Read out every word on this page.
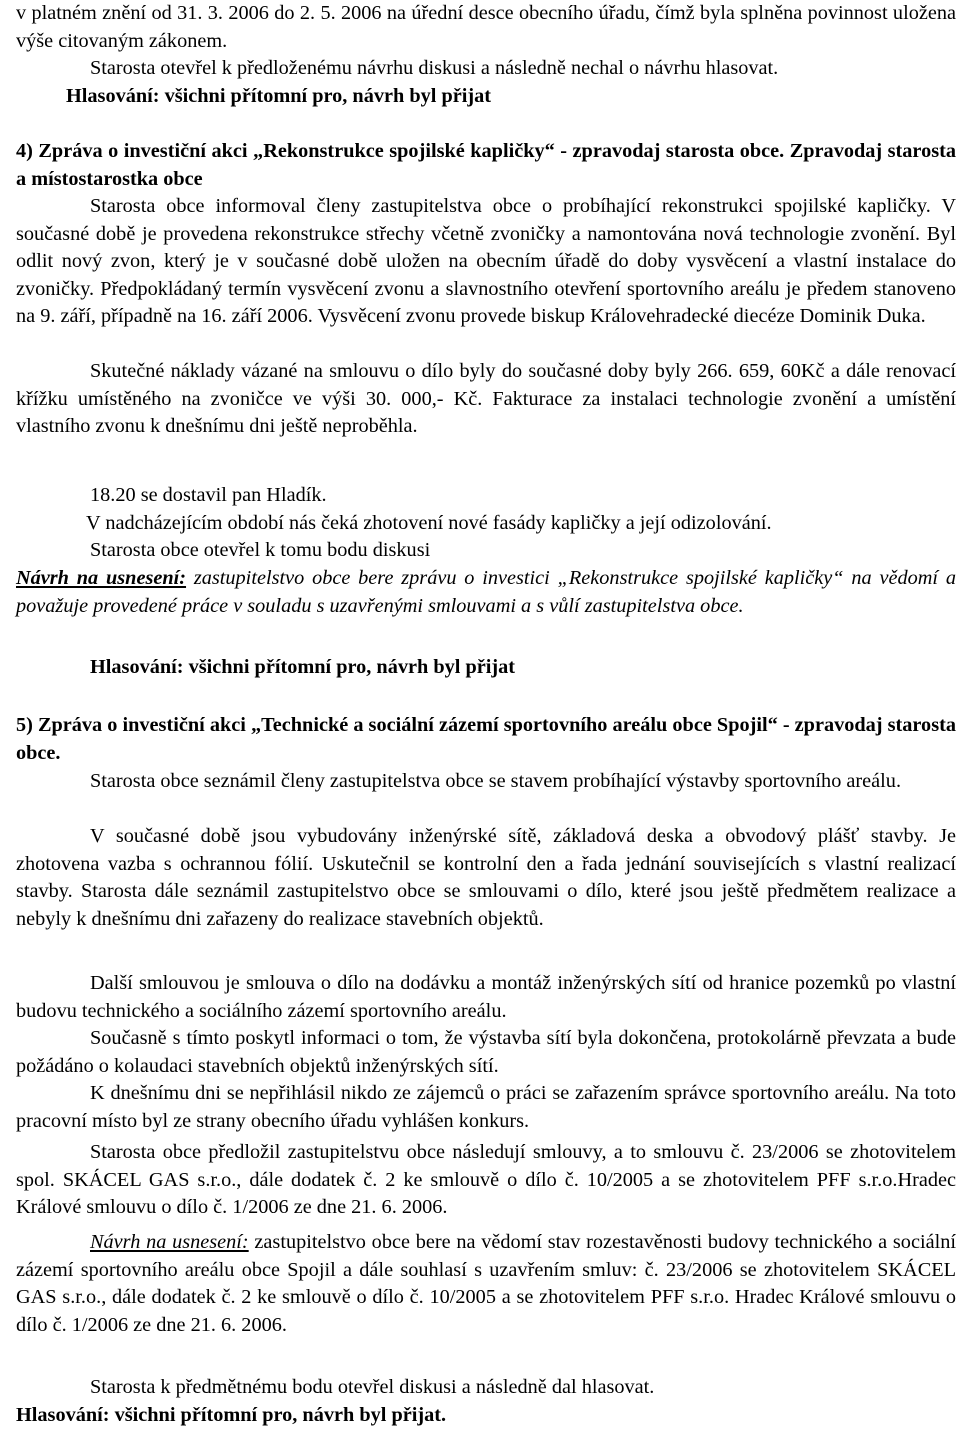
v platném znění od 31. 3. 2006 do 2. 5. 2006 na úřední desce obecního úřadu, čímž byla splněna povinnost uložena výše citovaným zákonem.

Starosta otevřel k předloženému návrhu diskusi a následně nechal o návrhu hlasovat.

Hlasování: všichni přítomní pro, návrh byl přijat

4) Zpráva o investiční akci „Rekonstrukce spojilské kapličky“ - zpravodaj starosta obce. Zpravodaj starosta a místostarostka obce

Starosta obce informoval členy zastupitelstva obce o probíhající rekonstrukci spojilské kapličky. V současné době je provedena rekonstrukce střechy včetně zvoničky a namontována nová technologie zvonění. Byl odlit nový zvon, který je v současné době uložen na obecním úřadě do doby vysvěcení a vlastní instalace do zvoničky. Předpokládaný termín vysvěcení zvonu a slavnostního otevření sportovního areálu je předem stanoveno na 9. září, případně na 16. září 2006. Vysvěcení zvonu provede biskup Královehradecké diecéze Dominik Duka.

Skutečné náklady vázané na smlouvu o dílo byly do současné doby byly 266. 659, 60Kč a dále renovací křížku umístěného na zvoničce ve výši 30. 000,- Kč. Fakturace za instalaci technologie zvonění a umístění vlastního zvonu k dnešnímu dni ještě neproběhla.

18.20 se dostavil pan Hladík.

V nadcházejícím období nás čeká zhotovení nové fasády kapličky a její odizolování.

Starosta obce otevřel k tomu bodu diskusi

Návrh na usnesení: zastupitelstvo obce bere zprávu o investici „Rekonstrukce spojilské kapličky“ na vědomí a považuje provedené práce v souladu s uzavřenými smlouvami a s vůlí zastupitelstva obce.

Hlasování: všichni přítomní pro, návrh byl přijat

5) Zpráva o investiční akci „Technické a sociální zázemí sportovního areálu obce Spojil“ - zpravodaj starosta obce.

Starosta obce seznámil členy zastupitelstva obce se stavem probíhající výstavby sportovního areálu.

V současné době jsou vybudovány inženýrské sítě, základová deska a obvodový plášť stavby. Je zhotovena vazba s ochrannou fólií. Uskutečnil se kontrolní den a řada jednání souvisejících s vlastní realizací stavby. Starosta dále seznámil zastupitelstvo obce se smlouvami o dílo, které jsou ještě předmětem realizace a nebyly k dnešnímu dni zařazeny do realizace stavebních objektů.

Další smlouvou je smlouva o dílo na dodávku a montáž inženýrských sítí od hranice pozemků po vlastní budovu technického a sociálního zázemí sportovního areálu.

Současně s tímto poskytl informaci o tom, že výstavba sítí byla dokončena, protokolárně převzata a bude požádáno o kolaudaci stavebních objektů inženýrských sítí.

K dnešnímu dni se nepřihlásil nikdo ze zájemců o práci se zařazením správce sportovního areálu. Na toto pracovní místo byl ze strany obecního úřadu vyhlášen konkurs.

Starosta obce předložil zastupitelstvu obce následují smlouvy, a to smlouvu č. 23/2006 se zhotovitelem spol. SKÁCEL GAS s.r.o., dále dodatek č. 2 ke smlouvě o dílo č. 10/2005 a se zhotovitelem PFF s.r.o.Hradec Králové smlouvu o dílo č. 1/2006 ze dne 21. 6. 2006.

Návrh na usnesení: zastupitelstvo obce bere na vědomí stav rozestavěnosti budovy technického a sociální zázemí sportovního areálu obce Spojil a dále souhlasí s uzavřením smluv: č. 23/2006 se zhotovitelem SKÁCEL GAS s.r.o., dále dodatek č. 2 ke smlouvě o dílo č. 10/2005 a se zhotovitelem PFF s.r.o. Hradec Králové smlouvu o dílo č. 1/2006 ze dne 21. 6. 2006.

Starosta k předmětnému bodu otevřel diskusi a následně dal hlasovat.

Hlasování: všichni přítomní pro, návrh byl přijat.
